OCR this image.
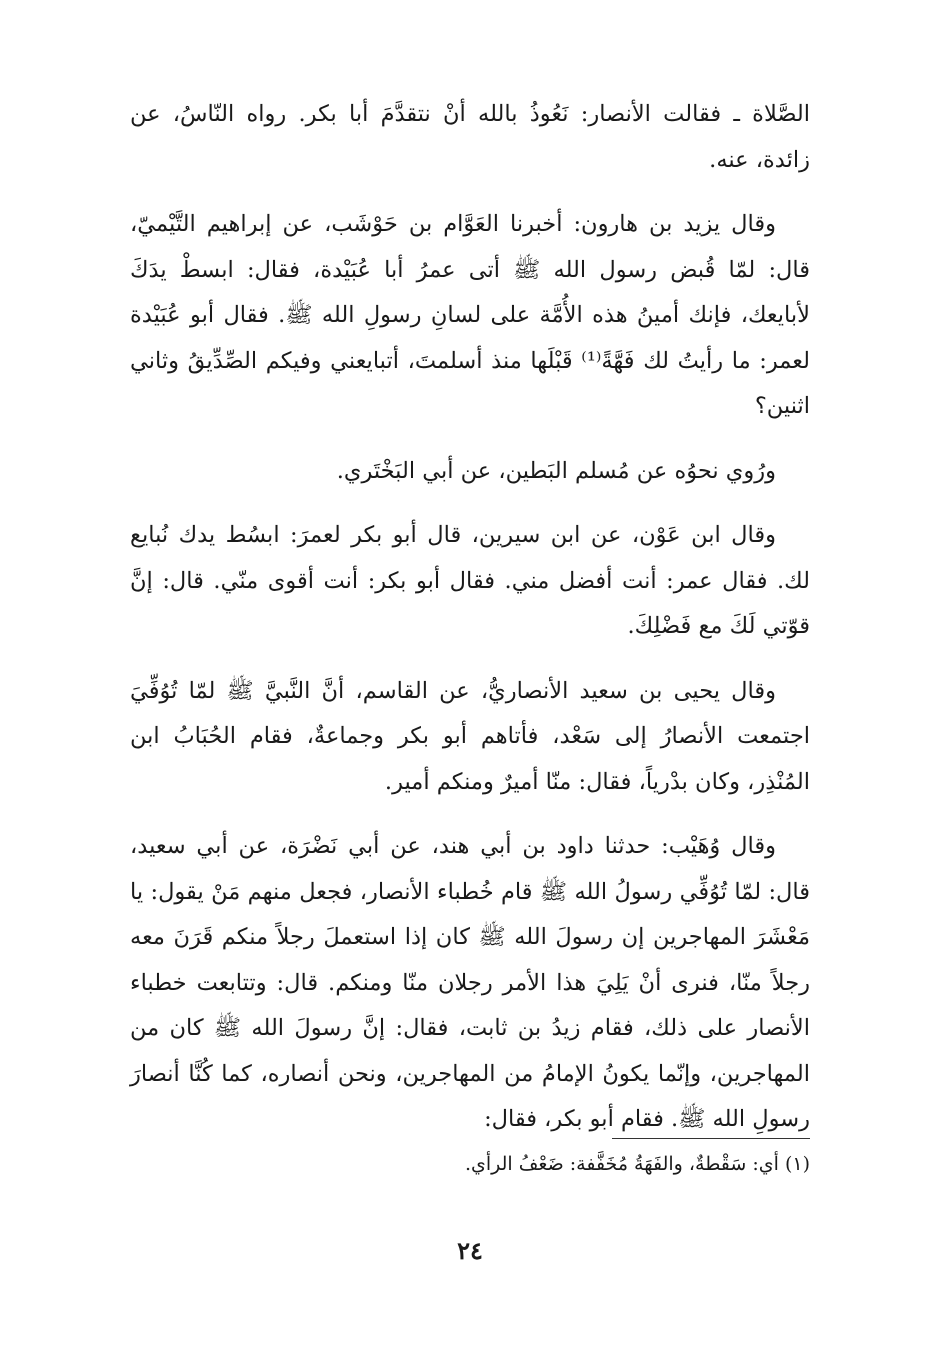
الصَّلاة ـ فقالت الأنصار: نَعُوذُ بالله أنْ نتقدَّمَ أبا بكر. رواه النّاسُ، عن زائدة، عنه.

وقال يزيد بن هارون: أخبرنا العَوَّام بن حَوْشَب، عن إبراهيم التَّيْميّ، قال: لمّا قُبض رسول الله ﷺ أتى عمرُ أبا عُبَيْدة، فقال: ابسطْ يدَكَ لأبايعك، فإنك أمينُ هذه الأُمَّة على لسانِ رسولِ الله ﷺ. فقال أبو عُبَيْدة لعمر: ما رأيتُ لك فَهَّةً⁽¹⁾ قَبْلَها منذ أسلمتَ، أتبايعني وفيكم الصِّدِّيقُ وثاني اثنين؟

ورُوي نحوُه عن مُسلم البَطين، عن أبي البَخْتَري.

وقال ابن عَوْن، عن ابن سيرين، قال أبو بكر لعمرَ: ابسُط يدك نُبايع لك. فقال عمر: أنت أفضل مني. فقال أبو بكر: أنت أقوى منّي. قال: إنَّ قوّتي لَكَ مع فَضْلِكَ.

وقال يحيى بن سعيد الأنصاريُّ، عن القاسم، أنَّ النَّبيَّ ﷺ لمّا تُوُفِّيَ اجتمعت الأنصارُ إلى سَعْد، فأتاهم أبو بكر وجماعةٌ، فقام الحُبَابُ ابن المُنْذِر، وكان بدْرياً، فقال: منّا أميرٌ ومنكم أمير.

وقال وُهَيْب: حدثنا داود بن أبي هند، عن أبي نَضْرَة، عن أبي سعيد، قال: لمّا تُوُفِّي رسولُ الله ﷺ قام خُطباء الأنصار، فجعل منهم مَنْ يقول: يا مَعْشَرَ المهاجرين إن رسولَ الله ﷺ كان إذا استعملَ رجلاً منكم قَرَنَ معه رجلاً منّا، فنرى أنْ يَلِيَ هذا الأمر رجلان منّا ومنكم. قال: وتتابعت خطباء الأنصار على ذلك، فقام زيدُ بن ثابت، فقال: إنَّ رسولَ الله ﷺ كان من المهاجرين، وإنّما يكونُ الإمامُ من المهاجرين، ونحن أنصاره، كما كُنَّا أنصارَ رسولِ الله ﷺ. فقام أبو بكر، فقال:

(١) أي: سَقْطةٌ، والفَهَةُ مُخَفَّفة: ضَعْفُ الرأي.
٢٤
